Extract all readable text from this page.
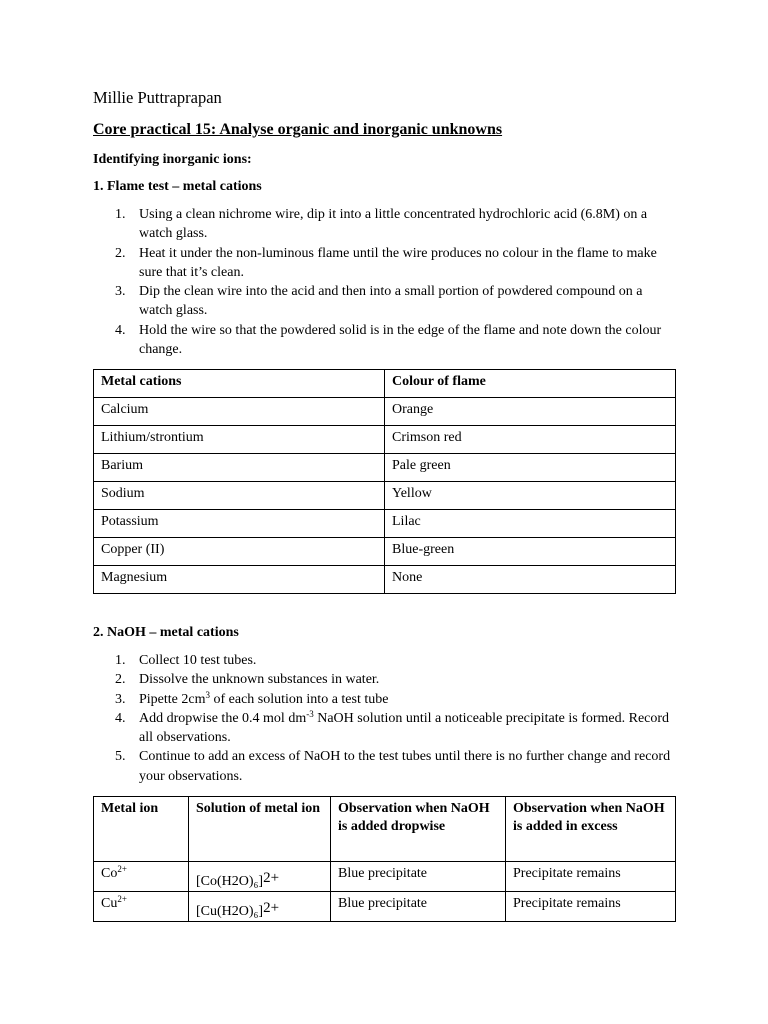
Millie Puttraprapan
Core practical 15: Analyse organic and inorganic unknowns
Identifying inorganic ions:
1. Flame test – metal cations
1. Using a clean nichrome wire, dip it into a little concentrated hydrochloric acid (6.8M) on a watch glass.
2. Heat it under the non-luminous flame until the wire produces no colour in the flame to make sure that it’s clean.
3. Dip the clean wire into the acid and then into a small portion of powdered compound on a watch glass.
4. Hold the wire so that the powdered solid is in the edge of the flame and note down the colour change.
Metal cations	Colour of flame
Calcium	Orange
Lithium/strontium	Crimson red
Barium	Pale green
Sodium	Yellow
Potassium	Lilac
Copper (II)	Blue-green
Magnesium	None
2. NaOH – metal cations
1. Collect 10 test tubes.
2. Dissolve the unknown substances in water.
3. Pipette $2cm^3$ of each solution into a test tube
4. Add dropwise the 0.4 mol $dm^{-3}$ NaOH solution until a noticeable precipitate is formed. Record all observations.
5. Continue to add an excess of NaOH to the test tubes until there is no further change and record your observations.
Metal ion	Solution of metal ion	Observation when NaOH is added dropwise	Observation when NaOH is added in excess
$Co^{2+}$	[Co(H2O)₆]2+	Blue precipitate	Precipitate remains
$Cu^{2+}$	[Cu(H2O)₆]2+	Blue precipitate	Precipitate remains
